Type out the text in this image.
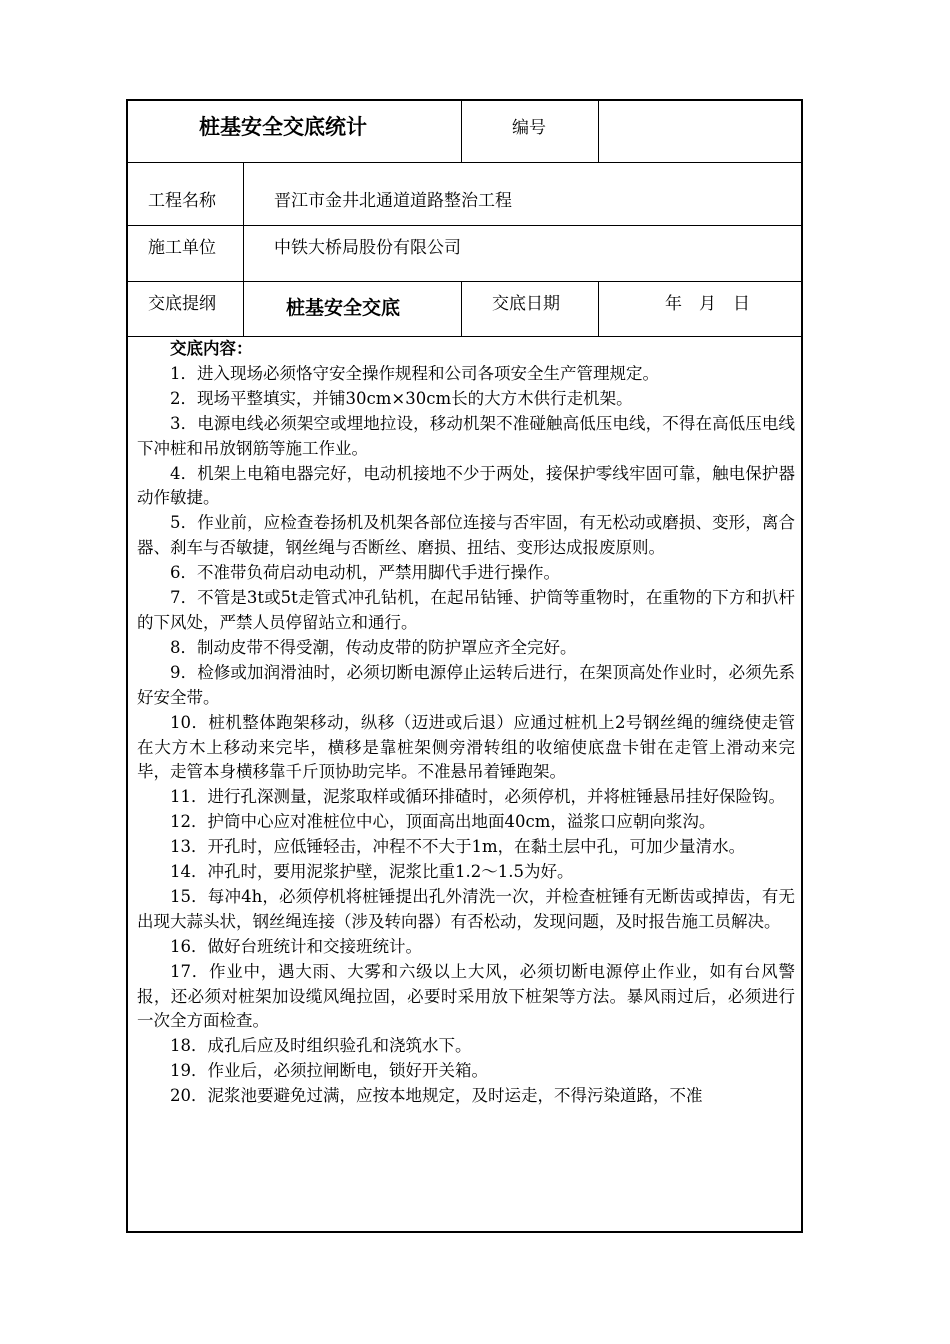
桩基安全交底统计	编号
工程名称	晋江市金井北通道道路整治工程
施工单位	中铁大桥局股份有限公司
交底提纲	桩基安全交底	交底日期	年　月　日

交底内容：

1．进入现场必须恪守安全操作规程和公司各项安全生产管理规定。

2．现场平整填实，并铺30cm×30cm长的大方木供行走机架。

3．电源电线必须架空或埋地拉设，移动机架不准碰触高低压电线，不得在高低压电线下冲桩和吊放钢筋等施工作业。

4．机架上电箱电器完好，电动机接地不少于两处，接保护零线牢固可靠，触电保护器动作敏捷。

5．作业前，应检查卷扬机及机架各部位连接与否牢固，有无松动或磨损、变形，离合器、刹车与否敏捷，钢丝绳与否断丝、磨损、扭结、变形达成报废原则。

6．不准带负荷启动电动机，严禁用脚代手进行操作。

7．不管是3t或5t走管式冲孔钻机，在起吊钻锤、护筒等重物时，在重物的下方和扒杆的下风处，严禁人员停留站立和通行。

8．制动皮带不得受潮，传动皮带的防护罩应齐全完好。

9．检修或加润滑油时，必须切断电源停止运转后进行，在架顶高处作业时，必须先系好安全带。

10．桩机整体跑架移动，纵移（迈进或后退）应通过桩机上2号钢丝绳的缠绕使走管在大方木上移动来完毕，横移是靠桩架侧旁滑转组的收缩使底盘卡钳在走管上滑动来完毕，走管本身横移靠千斤顶协助完毕。不准悬吊着锤跑架。

11．进行孔深测量，泥浆取样或循环排碴时，必须停机，并将桩锤悬吊挂好保险钩。

12．护筒中心应对准桩位中心，顶面高出地面40cm，溢浆口应朝向浆沟。

13．开孔时，应低锤轻击，冲程不不大于1m，在黏土层中孔，可加少量清水。

14．冲孔时，要用泥浆护壁，泥浆比重1.2～1.5为好。

15．每冲4h，必须停机将桩锤提出孔外清洗一次，并检查桩锤有无断齿或掉齿，有无出现大蒜头状，钢丝绳连接（涉及转向器）有否松动，发现问题，及时报告施工员解决。

16．做好台班统计和交接班统计。

17．作业中，遇大雨、大雾和六级以上大风，必须切断电源停止作业，如有台风警报，还必须对桩架加设缆风绳拉固，必要时采用放下桩架等方法。暴风雨过后，必须进行一次全方面检查。

18．成孔后应及时组织验孔和浇筑水下。

19．作业后，必须拉闸断电，锁好开关箱。

20．泥浆池要避免过满，应按本地规定，及时运走，不得污染道路，不准
